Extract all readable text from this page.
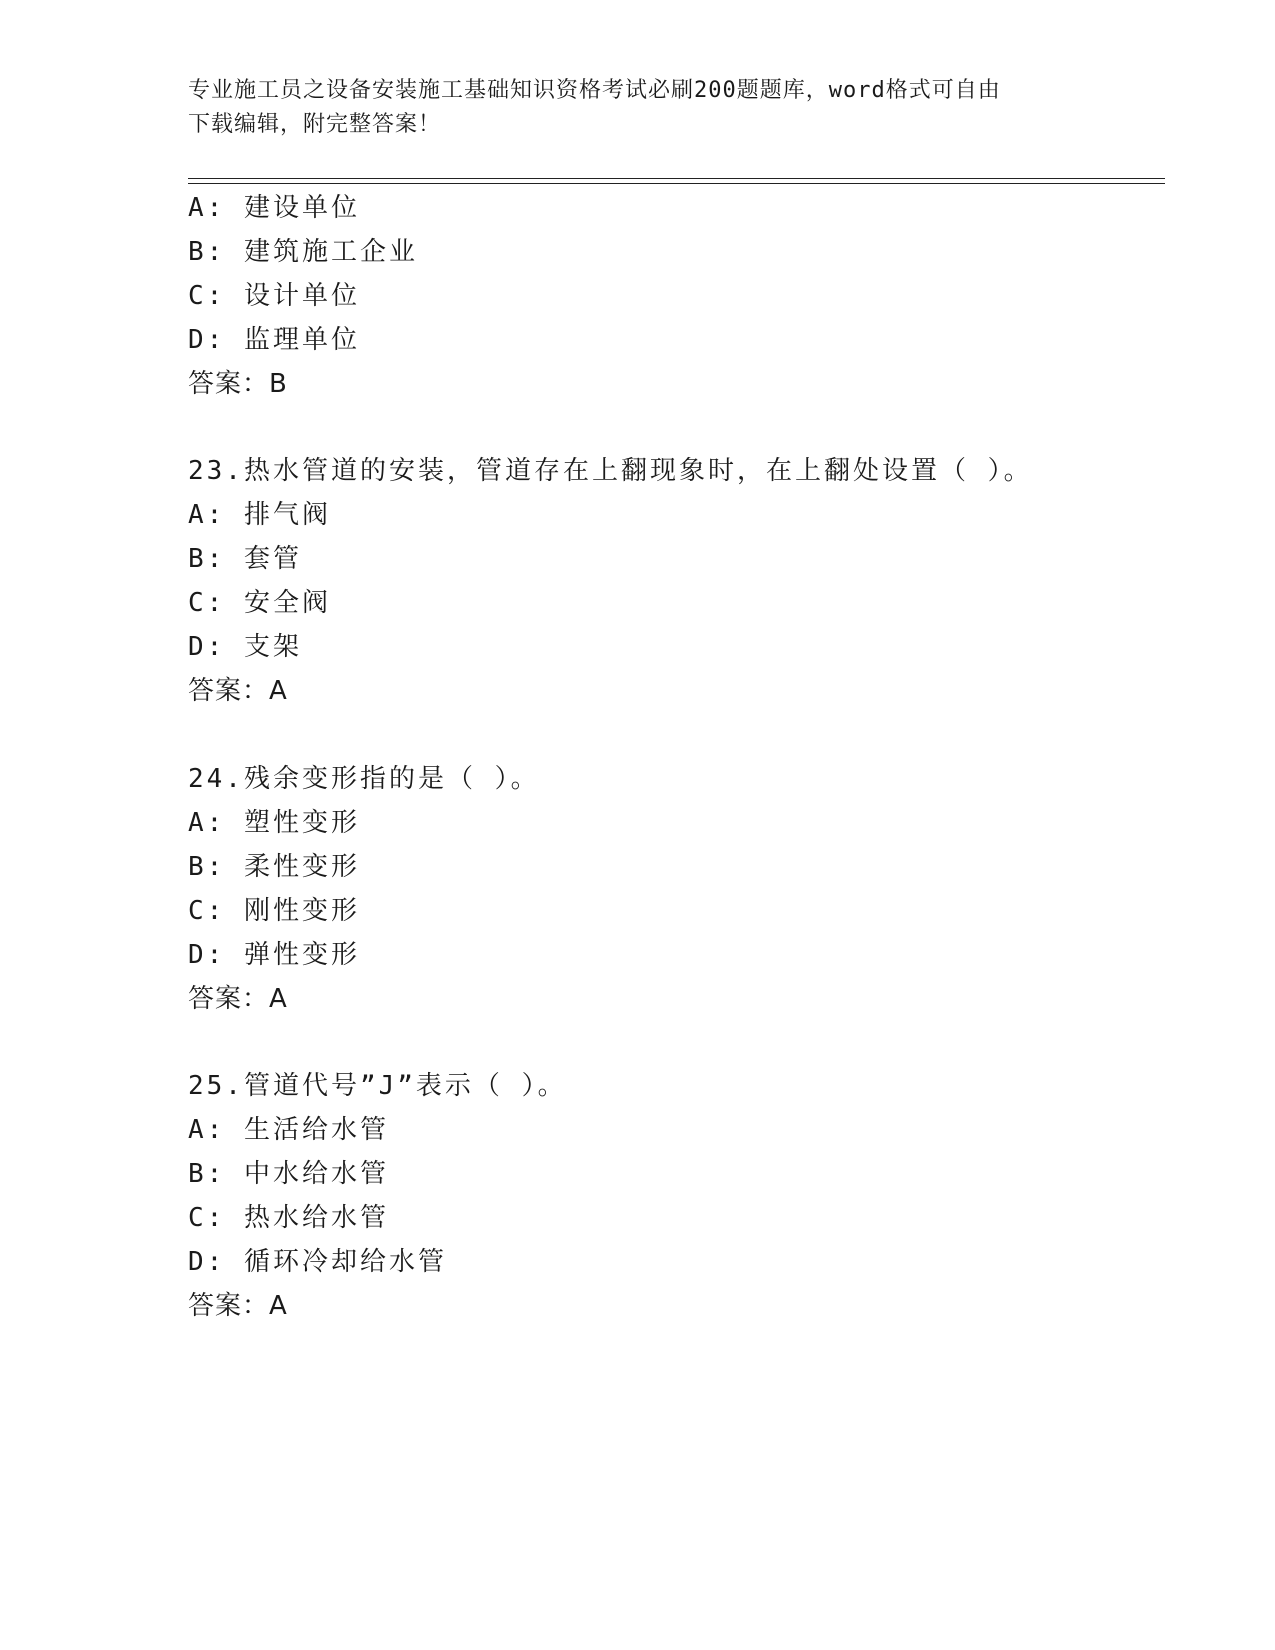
专业施工员之设备安装施工基础知识资格考试必刷200题题库，word格式可自由
下载编辑，附完整答案！
A: 建设单位
B: 建筑施工企业
C: 设计单位
D: 监理单位
答案：B
23.热水管道的安装，管道存在上翻现象时，在上翻处设置（ ）。
A: 排气阀
B: 套管
C: 安全阀
D: 支架
答案：A
24.残余变形指的是（ ）。
A: 塑性变形
B: 柔性变形
C: 刚性变形
D: 弹性变形
答案：A
25.管道代号”J”表示（ ）。
A: 生活给水管
B: 中水给水管
C: 热水给水管
D: 循环冷却给水管
答案：A
